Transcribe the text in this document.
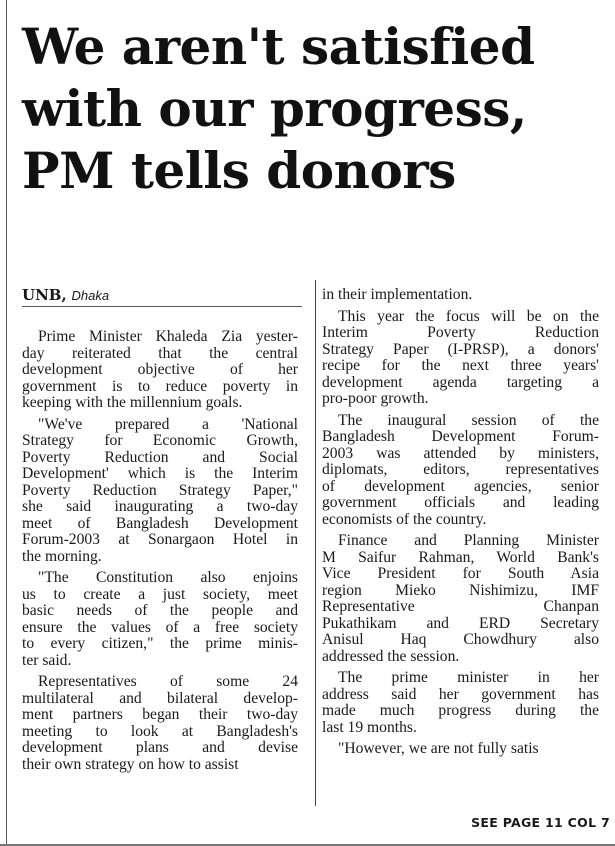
We aren't satisfied
with our progress,
PM tells donors
UNB, Dhaka
Prime Minister Khaleda Zia yester-
day reiterated that the central
development objective of her
government is to reduce poverty in
keeping with the millennium goals.
"We've prepared a 'National
Strategy for Economic Growth,
Poverty Reduction and Social
Development' which is the Interim
Poverty Reduction Strategy Paper,"
she said inaugurating a two-day
meet of Bangladesh Development
Forum-2003 at Sonargaon Hotel in
the morning.
"The Constitution also enjoins
us to create a just society, meet
basic needs of the people and
ensure the values of a free society
to every citizen," the prime minis-
ter said.
Representatives of some 24
multilateral and bilateral develop-
ment partners began their two-day
meeting to look at Bangladesh's
development plans and devise
their own strategy on how to assist
in their implementation.
This year the focus will be on the
Interim Poverty Reduction
Strategy Paper (I-PRSP), a donors'
recipe for the next three years'
development agenda targeting a
pro-poor growth.
The inaugural session of the
Bangladesh Development Forum-
2003 was attended by ministers,
diplomats, editors, representatives
of development agencies, senior
government officials and leading
economists of the country.
Finance and Planning Minister
M Saifur Rahman, World Bank's
Vice President for South Asia
region Mieko Nishimizu, IMF
Representative Chanpan
Pukathikam and ERD Secretary
Anisul Haq Chowdhury also
addressed the session.
The prime minister in her
address said her government has
made much progress during the
last 19 months.
"However, we are not fully satis
SEE PAGE 11 COL 7
